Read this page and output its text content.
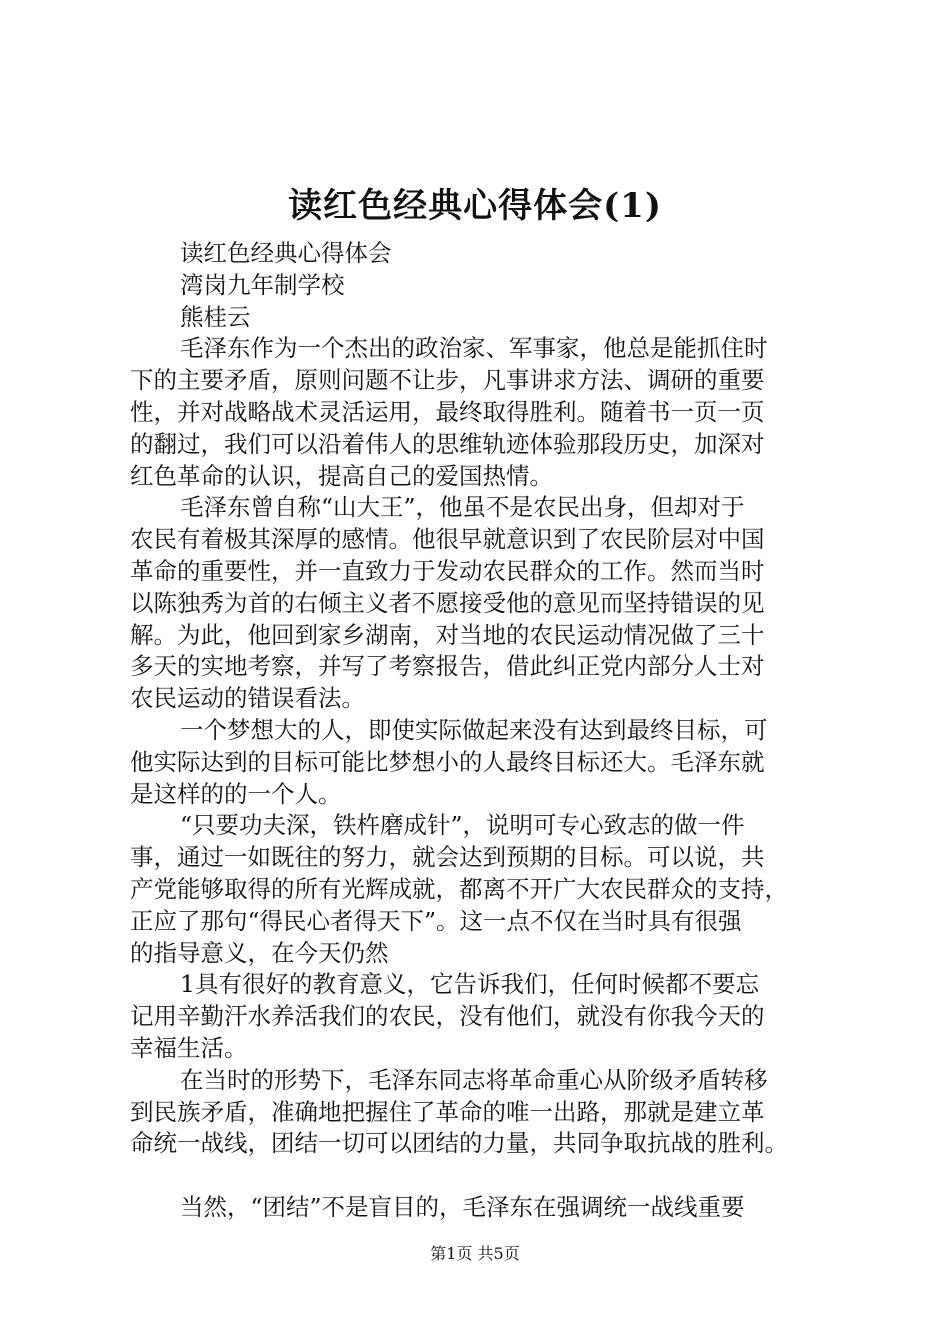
读红色经典心得体会(1)
读红色经典心得体会
湾岗九年制学校
熊桂云
毛泽东作为一个杰出的政治家、军事家，他总是能抓住时
下的主要矛盾，原则问题不让步，凡事讲求方法、调研的重要
性，并对战略战术灵活运用，最终取得胜利。随着书一页一页
的翻过，我们可以沿着伟人的思维轨迹体验那段历史，加深对
红色革命的认识，提高自己的爱国热情。
毛泽东曾自称“山大王”，他虽不是农民出身，但却对于
农民有着极其深厚的感情。他很早就意识到了农民阶层对中国
革命的重要性，并一直致力于发动农民群众的工作。然而当时
以陈独秀为首的右倾主义者不愿接受他的意见而坚持错误的见
解。为此，他回到家乡湖南，对当地的农民运动情况做了三十
多天的实地考察，并写了考察报告，借此纠正党内部分人士对
农民运动的错误看法。
一个梦想大的人，即使实际做起来没有达到最终目标，可
他实际达到的目标可能比梦想小的人最终目标还大。毛泽东就
是这样的的一个人。
“只要功夫深，铁杵磨成针”，说明可专心致志的做一件
事，通过一如既往的努力，就会达到预期的目标。可以说，共
产党能够取得的所有光辉成就，都离不开广大农民群众的支持，
正应了那句“得民心者得天下”。这一点不仅在当时具有很强
的指导意义，在今天仍然
1具有很好的教育意义，它告诉我们，任何时候都不要忘
记用辛勤汗水养活我们的农民，没有他们，就没有你我今天的
幸福生活。
在当时的形势下，毛泽东同志将革命重心从阶级矛盾转移
到民族矛盾，准确地把握住了革命的唯一出路，那就是建立革
命统一战线，团结一切可以团结的力量，共同争取抗战的胜利。
当然，“团结”不是盲目的，毛泽东在强调统一战线重要
第1页 共5页
